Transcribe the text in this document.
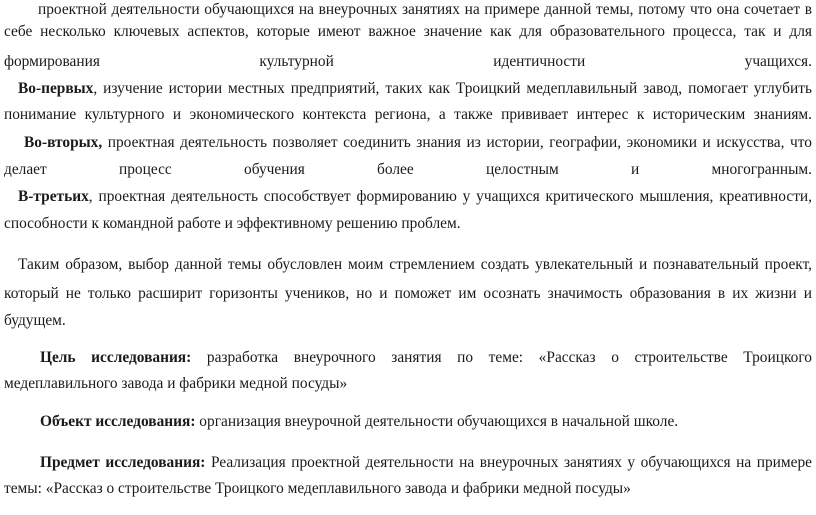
проектной деятельности обучающихся на внеурочных занятиях на примере данной темы, потому что она сочетает в
себе несколько ключевых аспектов, которые имеют важное значение как для образовательного процесса, так и для
формирования культурной идентичности учащихся.
Во-первых, изучение истории местных предприятий, таких как Троицкий медеплавильный завод, помогает углубить
понимание культурного и экономического контекста региона, а также прививает интерес к историческим знаниям.
Во-вторых, проектная деятельность позволяет соединить знания из истории, географии, экономики и искусства, что
делает процесс обучения более целостным и многогранным.
В-третьих, проектная деятельность способствует формированию у учащихся критического мышления, креативности,
способности к командной работе и эффективному решению проблем.
Таким образом, выбор данной темы обусловлен моим стремлением создать увлекательный и познавательный проект,
который не только расширит горизонты учеников, но и поможет им осознать значимость образования в их жизни и
будущем.
Цель исследования: разработка внеурочного занятия по теме: «Рассказ о строительстве Троицкого
медеплавильного завода и фабрики медной посуды»
Объект исследования: организация внеурочной деятельности обучающихся в начальной школе.
Предмет исследования: Реализация проектной деятельности на внеурочных занятиях у обучающихся на примере
темы: «Рассказ о строительстве Троицкого медеплавильного завода и фабрики медной посуды»
